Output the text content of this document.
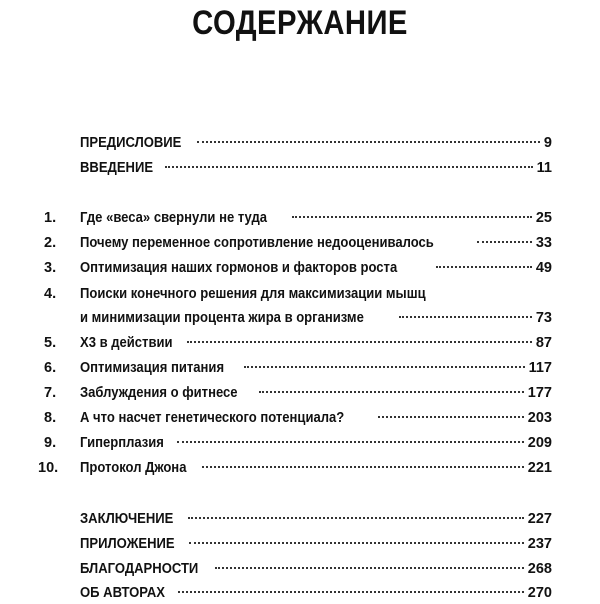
СОДЕРЖАНИЕ
ПРЕДИСЛОВИЕ	9
ВВЕДЕНИЕ	11
1.	Где «веса» свернули не туда	25
2.	Почему переменное сопротивление недооценивалось	33
3.	Оптимизация наших гормонов и факторов роста	49
4.	Поиски конечного решения для максимизации мышц
и минимизации процента жира в организме	73
5.	Х3 в действии	87
6.	Оптимизация питания	117
7.	Заблуждения о фитнесе	177
8.	А что насчет генетического потенциала?	203
9.	Гиперплазия	209
10.	Протокол Джона	221
ЗАКЛЮЧЕНИЕ	227
ПРИЛОЖЕНИЕ	237
БЛАГОДАРНОСТИ	268
ОБ АВТОРАХ	270
